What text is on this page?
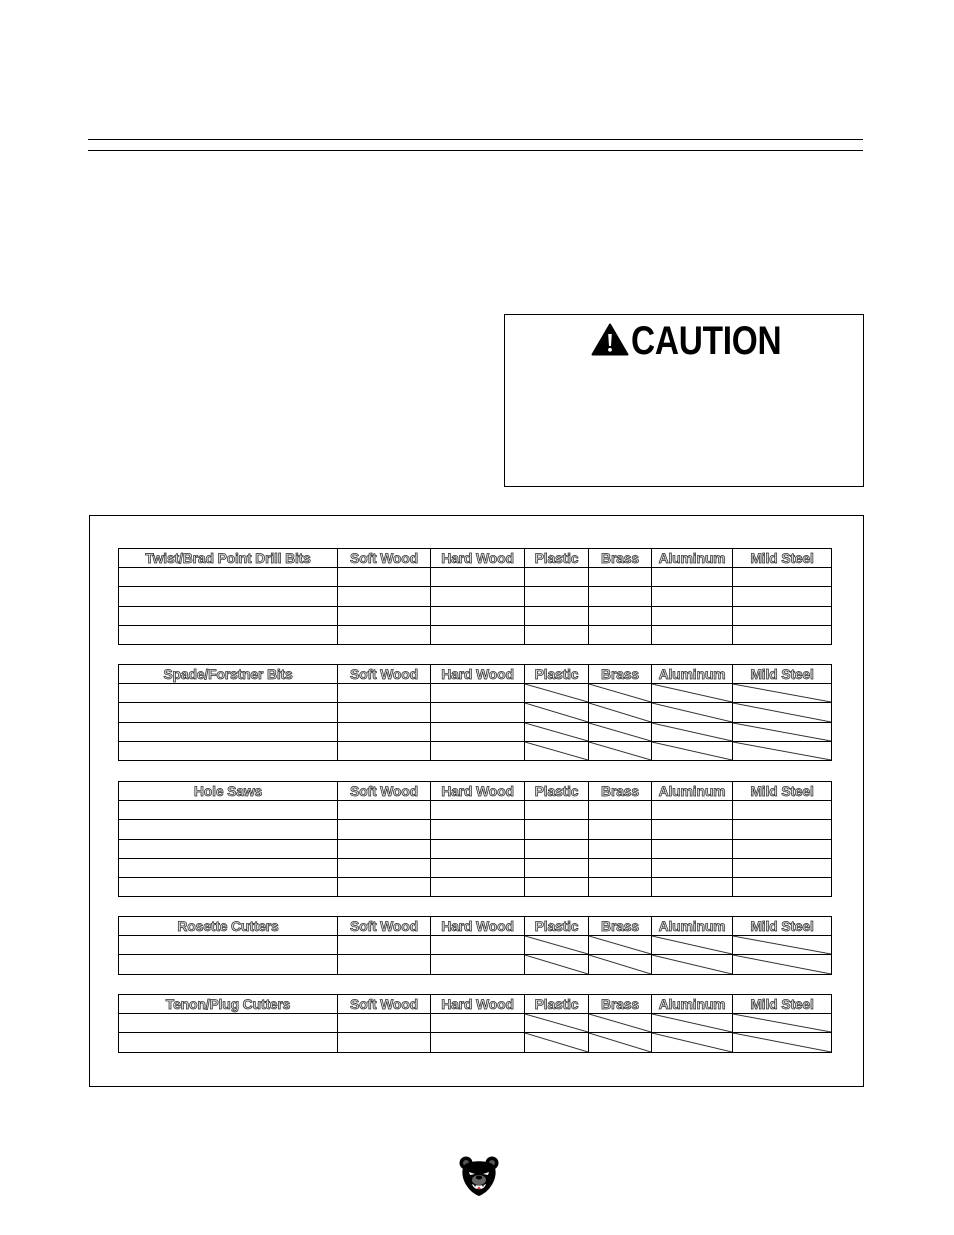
CAUTION
Twist/Brad Point Drill Bits	Soft Wood	Hard Wood	Plastic	Brass	Aluminum	Mild Steel
Spade/Forstner Bits	Soft Wood	Hard Wood	Plastic	Brass	Aluminum	Mild Steel
Hole Saws	Soft Wood	Hard Wood	Plastic	Brass	Aluminum	Mild Steel
Rosette Cutters	Soft Wood	Hard Wood	Plastic	Brass	Aluminum	Mild Steel
Tenon/Plug Cutters	Soft Wood	Hard Wood	Plastic	Brass	Aluminum	Mild Steel
